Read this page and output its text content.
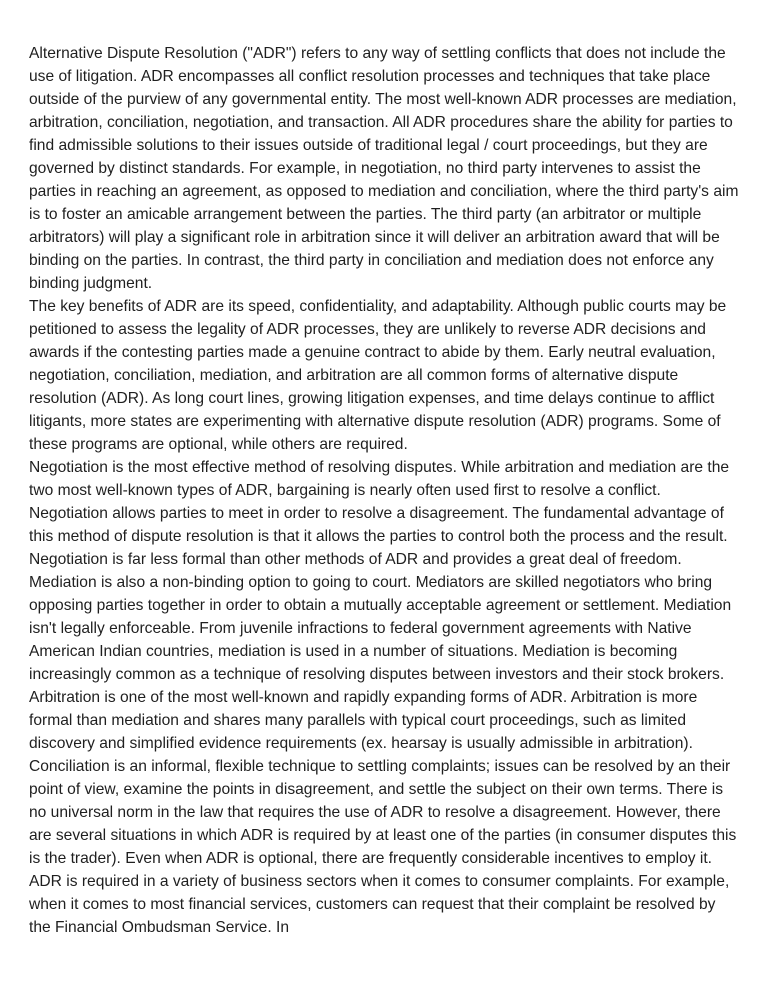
Alternative Dispute Resolution ("ADR") refers to any way of settling conflicts that does not include the use of litigation. ADR encompasses all conflict resolution processes and techniques that take place outside of the purview of any governmental entity. The most well-known ADR processes are mediation, arbitration, conciliation, negotiation, and transaction. All ADR procedures share the ability for parties to find admissible solutions to their issues outside of traditional legal / court proceedings, but they are governed by distinct standards. For example, in negotiation, no third party intervenes to assist the parties in reaching an agreement, as opposed to mediation and conciliation, where the third party's aim is to foster an amicable arrangement between the parties. The third party (an arbitrator or multiple arbitrators) will play a significant role in arbitration since it will deliver an arbitration award that will be binding on the parties. In contrast, the third party in conciliation and mediation does not enforce any binding judgment.

The key benefits of ADR are its speed, confidentiality, and adaptability. Although public courts may be petitioned to assess the legality of ADR processes, they are unlikely to reverse ADR decisions and awards if the contesting parties made a genuine contract to abide by them. Early neutral evaluation, negotiation, conciliation, mediation, and arbitration are all common forms of alternative dispute resolution (ADR). As long court lines, growing litigation expenses, and time delays continue to afflict litigants, more states are experimenting with alternative dispute resolution (ADR) programs. Some of these programs are optional, while others are required.

Negotiation is the most effective method of resolving disputes. While arbitration and mediation are the two most well-known types of ADR, bargaining is nearly often used first to resolve a conflict. Negotiation allows parties to meet in order to resolve a disagreement. The fundamental advantage of this method of dispute resolution is that it allows the parties to control both the process and the result. Negotiation is far less formal than other methods of ADR and provides a great deal of freedom. Mediation is also a non-binding option to going to court. Mediators are skilled negotiators who bring opposing parties together in order to obtain a mutually acceptable agreement or settlement. Mediation isn't legally enforceable. From juvenile infractions to federal government agreements with Native American Indian countries, mediation is used in a number of situations. Mediation is becoming increasingly common as a technique of resolving disputes between investors and their stock brokers. Arbitration is one of the most well-known and rapidly expanding forms of ADR. Arbitration is more formal than mediation and shares many parallels with typical court proceedings, such as limited discovery and simplified evidence requirements (ex. hearsay is usually admissible in arbitration). Conciliation is an informal, flexible technique to settling complaints; issues can be resolved by an their point of view, examine the points in disagreement, and settle the subject on their own terms. There is no universal norm in the law that requires the use of ADR to resolve a disagreement. However, there are several situations in which ADR is required by at least one of the parties (in consumer disputes this is the trader). Even when ADR is optional, there are frequently considerable incentives to employ it. ADR is required in a variety of business sectors when it comes to consumer complaints. For example, when it comes to most financial services, customers can request that their complaint be resolved by the Financial Ombudsman Service. In
